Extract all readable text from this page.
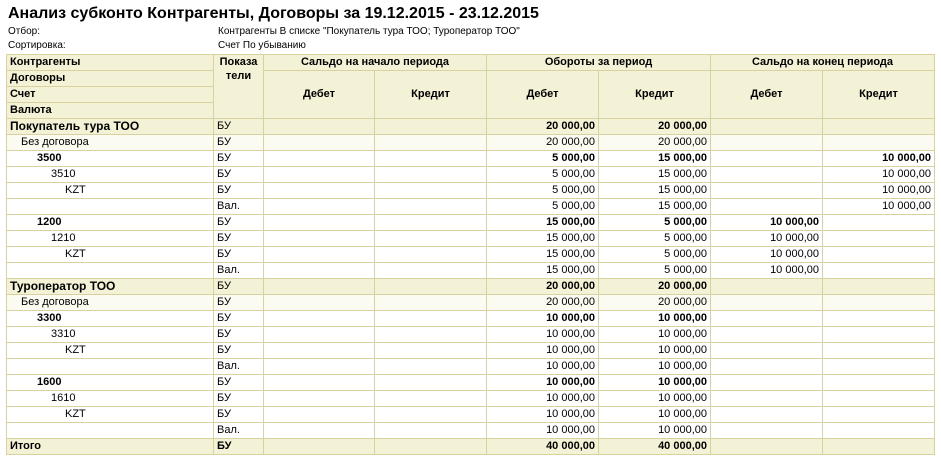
Анализ субконто Контрагенты, Договоры за 19.12.2015 - 23.12.2015
Отбор:	Контрагенты В списке "Покупатель тура ТОО; Туроператор ТОО"
Сортировка:	Счет По убыванию
Контрагенты	Показа тели	Сальдо на начало периода		Обороты за период		Сальдо на конец периода	
Договоры		Дебет	Кредит	Дебет	Кредит	Дебет	Кредит
Счет							
Валюта							
Покупатель тура ТОО	БУ			20 000,00	20 000,00		
Без договора	БУ			20 000,00	20 000,00		
3500	БУ			5 000,00	15 000,00		10 000,00
3510	БУ			5 000,00	15 000,00		10 000,00
KZT	БУ			5 000,00	15 000,00		10 000,00
	Вал.			5 000,00	15 000,00		10 000,00
1200	БУ			15 000,00	5 000,00	10 000,00	
1210	БУ			15 000,00	5 000,00	10 000,00	
KZT	БУ			15 000,00	5 000,00	10 000,00	
	Вал.			15 000,00	5 000,00	10 000,00	
Туроператор ТОО	БУ			20 000,00	20 000,00		
Без договора	БУ			20 000,00	20 000,00		
3300	БУ			10 000,00	10 000,00		
3310	БУ			10 000,00	10 000,00		
KZT	БУ			10 000,00	10 000,00		
	Вал.			10 000,00	10 000,00		
1600	БУ			10 000,00	10 000,00		
1610	БУ			10 000,00	10 000,00		
KZT	БУ			10 000,00	10 000,00		
	Вал.			10 000,00	10 000,00		
Итого	БУ			40 000,00	40 000,00		
